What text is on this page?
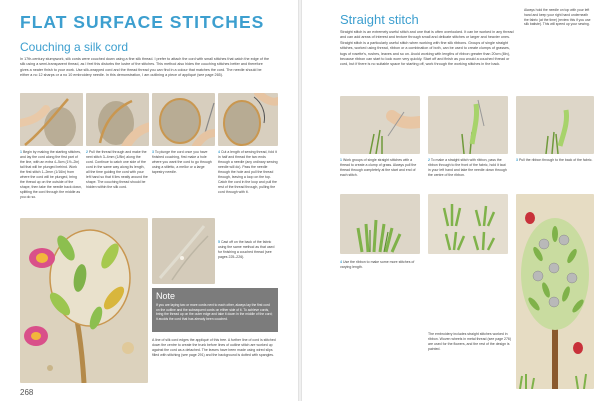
FLAT SURFACE STITCHES
Couching a silk cord
In 17th-century stumpwork, silk cords were couched down using a fine silk thread. I prefer to attach the cord with small stitches that catch the edge of the silk using a semi-transparent thread, as I feel this disturbs the lustre of the stitches. This method also hides the couching stitches better and therefore gives a neater finish to your work. Use silk-wrapped cord and the thread thread you can find in a colour that matches the cord. The needle should be either a no 12 sharps or a no 10 embroidery needle. In this demonstration, I am outlining a piece of appliqué (see page 265).
1 Begin by making the starting stitches, and lay the cord along the first part of the line, with an extra 4–5cm (1½–2in) tail that will be plunged behind. Work the first stitch 1–2mm (1/16in) from where the cord will be plunged, bring the thread up on the outside of the shape, then take the needle back down, splitting the cord through the middle as you do so.
2 Pull the thread through and make the next stitch 3–4mm (1/8in) along the cord. Continue to catch one side of the cord in the same way along its length, all the time guiding the cord with your left hand so that it lies neatly around the shape. The couching thread should be hidden within the silk cord.
3 To plunge the cord once you have finished couching, first make a hole where you want the cord to go through using a stiletto, a mellor or a large tapestry needle.
4 Cut a length of sewing thread, fold it in half and thread the two ends through a needle (any ordinary sewing needle will do). Pass the needle through the hole and pull the thread through, leaving a loop on the top. Catch the cord in the loop and pull the rest of the thread through, pulling the cord through with it.
5 Cast off on the back of the fabric using the same method as that used for finishing a couched thread (see pages 225–226).
Note
If you are laying two or more cords next to each other, always lay the first cord on the outline and the subsequent cords on either side of it. To achieve cords, bring the thread up on the outer edge and take it down in the middle of the cord; it avoids the cord that has already been couched.
A line of silk cord edges the appliqué of this tree. A further line of cord is stitched down the centre to create the trunk before lines of outline stitch are worked up against the cord as a detached. The leaves have been made using wired slips filled with stitching (see page 291) and the background is dotted with spangles.
268
Straight stitch
Straight stitch is an extremely useful stitch and one that is often overlooked. It can be worked in any thread and can add areas of interest and texture through small and delicate stitches or larger and heavier ones. Straight stitch is a particularly useful stitch when working with fine silk ribbons. Groups of single straight stitches, worked using thread, ribbon or a combination of both, can be used to create clumps of grasses, tugs of rosette's, rushes, leaves and so on. Avoid working with lengths of ribbon greater than 20cm (8in), because ribbon can start to look worn very quickly. Start off and finish as you would a couched thread or cord, but if there is no suitable space for starting off, work through the working stitches in the back.
Always hold the needle on top with your left hand and keep your right hand underneath the fabric (at the time) (review this if you use silk batiste). This will speed up your sewing.
1 Work groups of single straight stitches with a thread to create a clump of grass. Always pull the thread through completely at the start and end of each stitch.
2 To make a straight stitch with ribbon, pass the ribbon through to the front of the fabric, hold it taut in your left hand and take the needle down through the centre of the ribbon.
3 Pull the ribbon through to the back of the fabric.
4 Use the ribbon to make some more stitches of varying length.
The embroidery includes straight stitches worked in ribbon. Woven wheels in metal thread (see page 276) are used for the flowers, and the rest of the design is painted.
